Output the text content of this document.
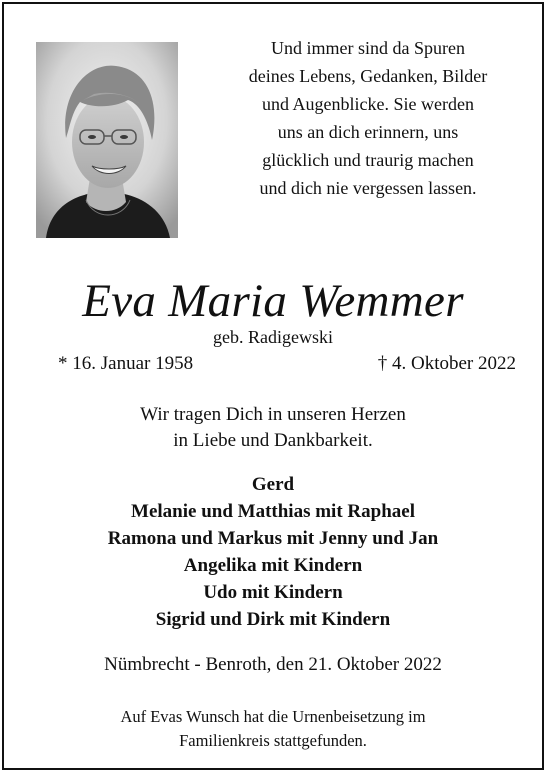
Und immer sind da Spuren
deines Lebens, Gedanken, Bilder
und Augenblicke. Sie werden
uns an dich erinnern, uns
glücklich und traurig machen
und dich nie vergessen lassen.
Eva Maria Wemmer
geb. Radigewski
* 16. Januar 1958	† 4. Oktober 2022
Wir tragen Dich in unseren Herzen
in Liebe und Dankbarkeit.
Gerd
Melanie und Matthias mit Raphael
Ramona und Markus mit Jenny und Jan
Angelika mit Kindern
Udo mit Kindern
Sigrid und Dirk mit Kindern
Nümbrecht - Benroth, den 21. Oktober 2022
Auf Evas Wunsch hat die Urnenbeisetzung im
Familienkreis stattgefunden.
